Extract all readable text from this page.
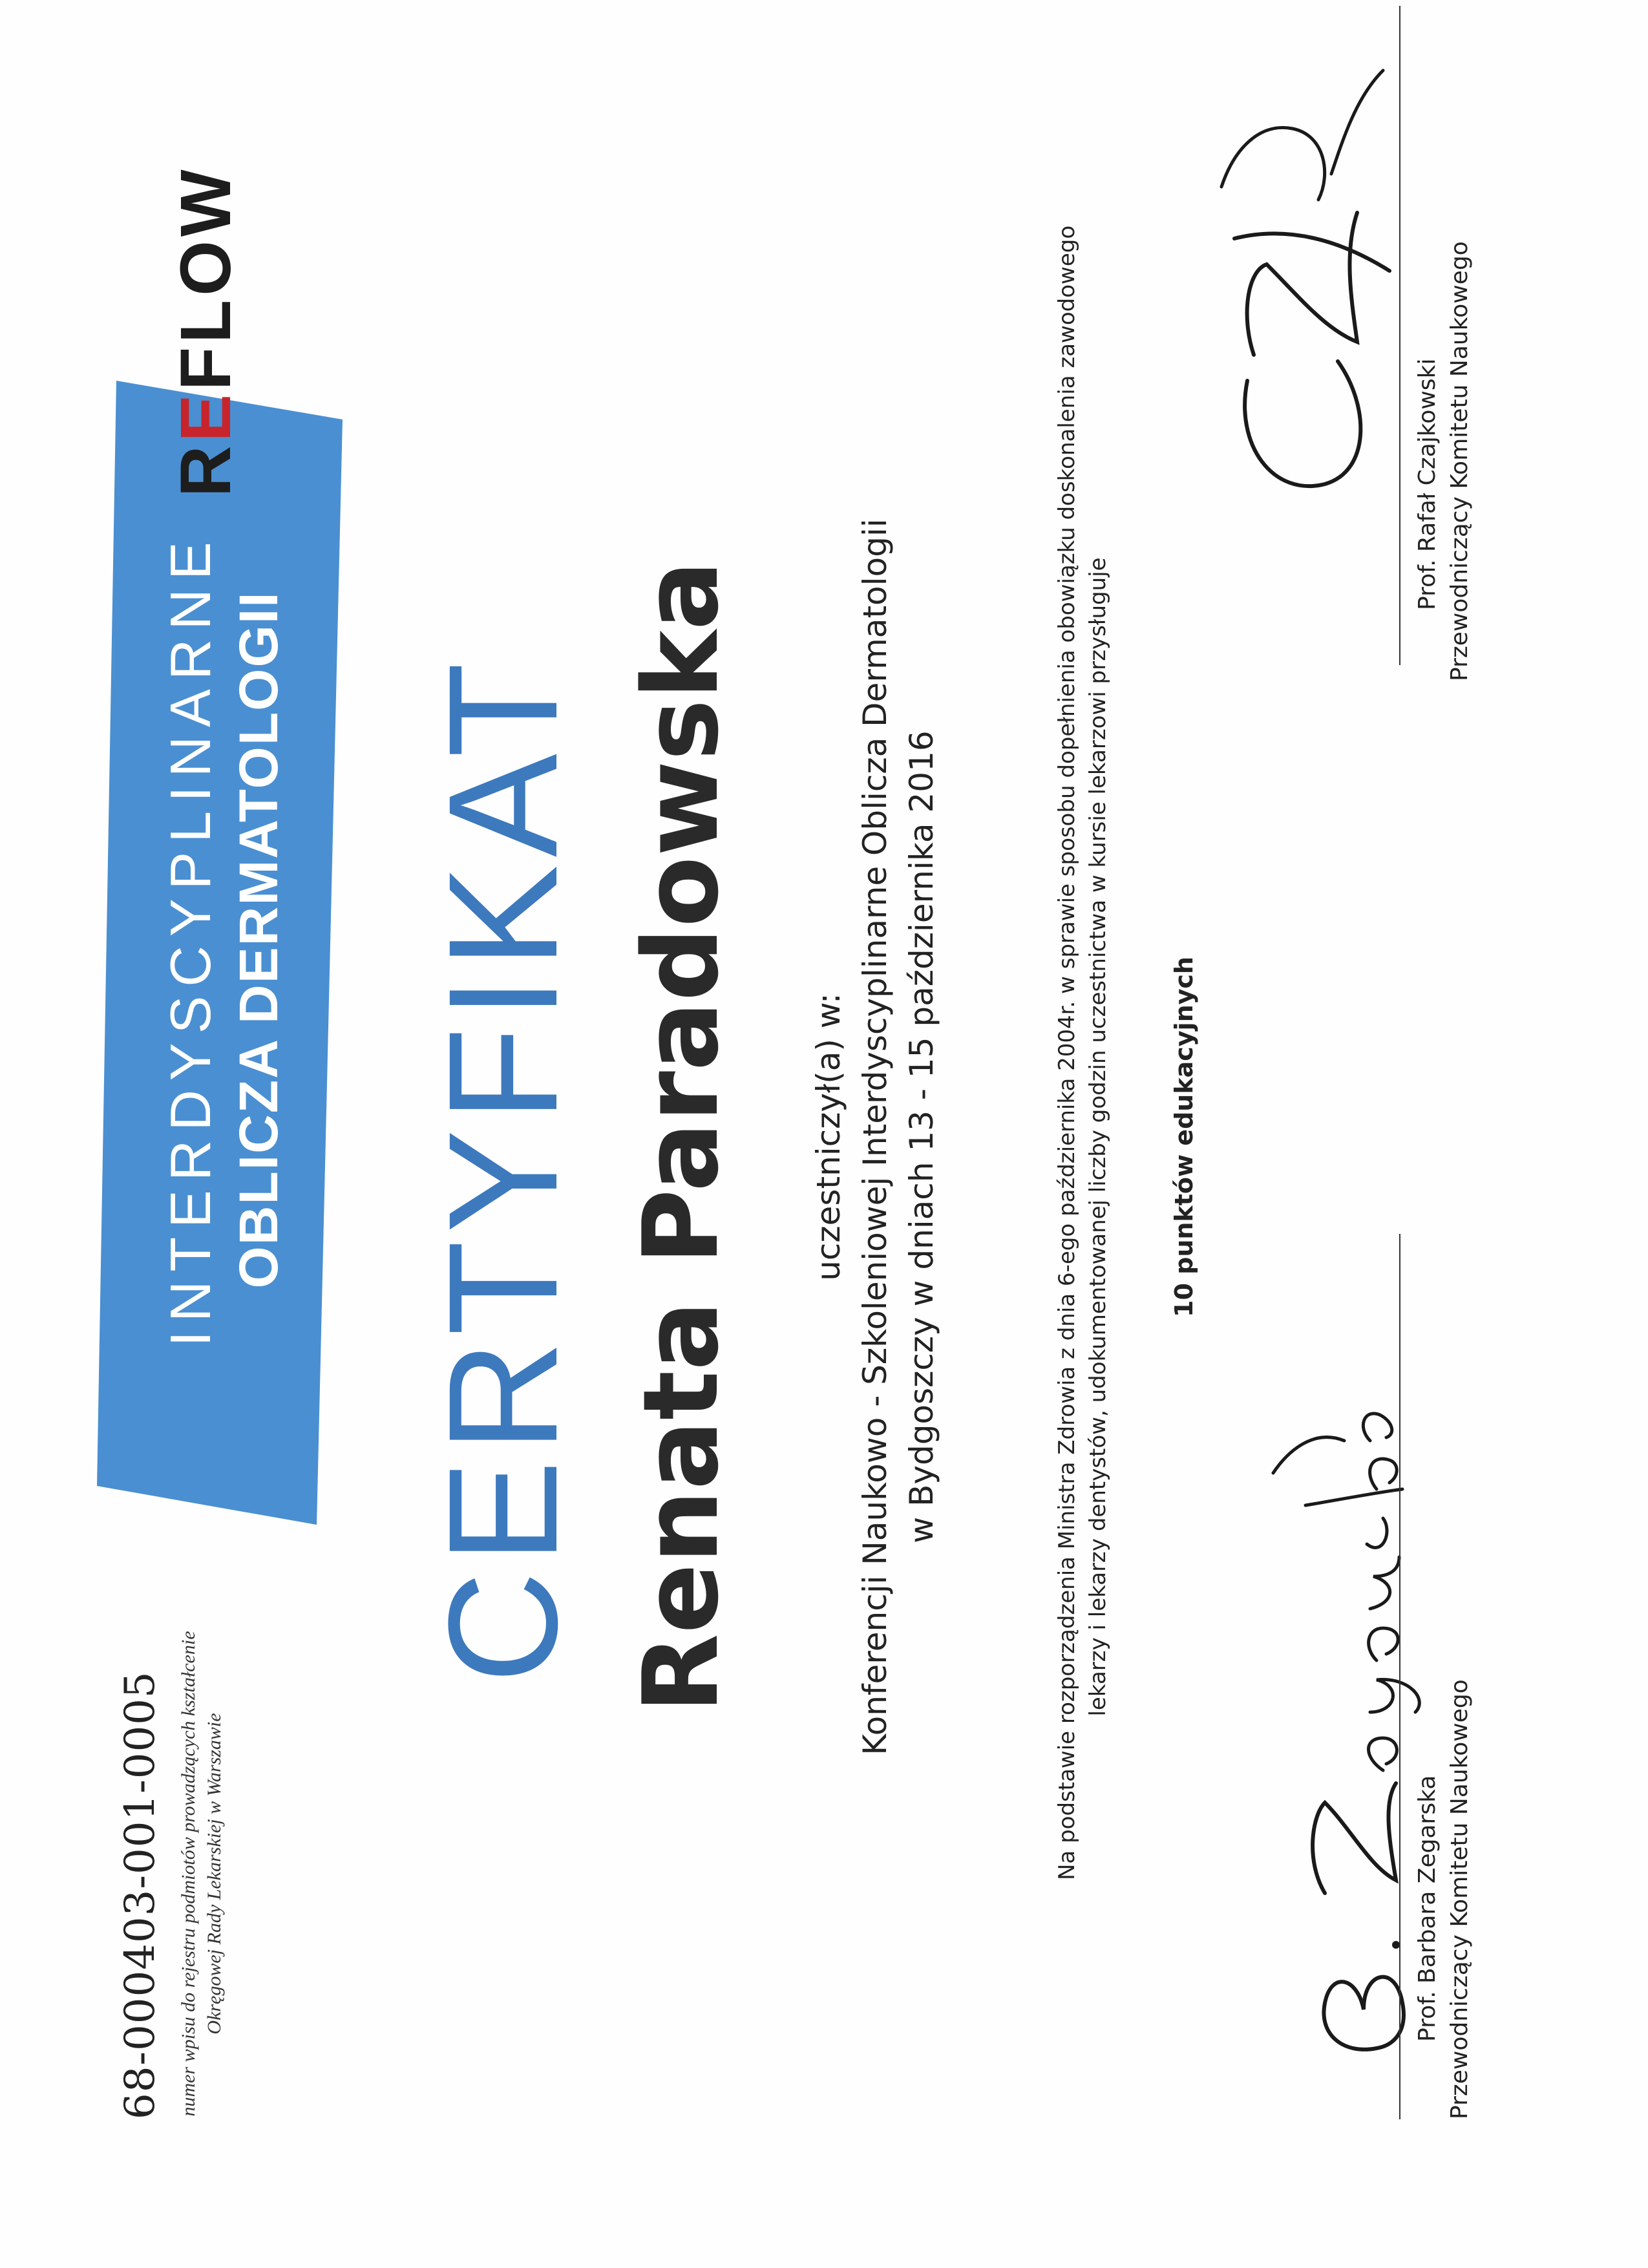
68-000403-001-0005 numer wpisu do rejestru podmiotów prowadzących kształcenie Okręgowej Rady Lekarskiej w Warszawie
INTERDYSCYPLINARNE OBLICZA DERMATOLOGII
REFLOW
CERTYFIKAT Renata Paradowska uczestniczył(a) w: Konferencji Naukowo - Szkoleniowej Interdyscyplinarne Oblicza Dermatologii w Bydgoszczy w dniach 13 - 15 października 2016	Na podstawie rozporządzenia Ministra Zdrowia z dnia 6-ego października 2004r. w sprawie sposobu dopełnienia obowiązku doskonalenia zawodowego lekarzy i lekarzy dentystów, udokumentowanej liczby godzin uczestnictwa w kursie lekarzowi przysługuje 10 punktów edukacyjnych
Prof. Barbara Zegarska Przewodniczący Komitetu Naukowego
Prof. Rafał Czajkowski Przewodniczący Komitetu Naukowego
